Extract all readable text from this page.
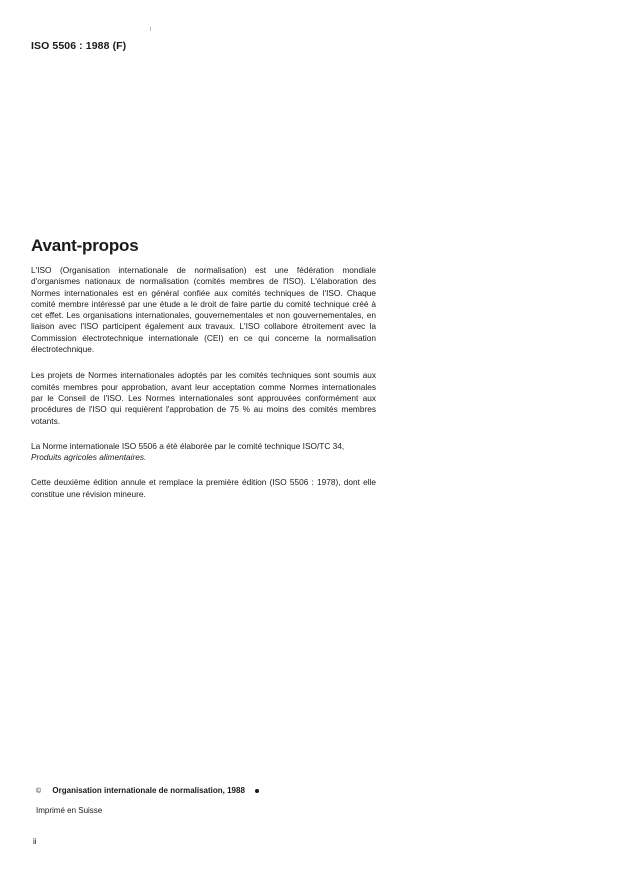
ISO 5506 : 1988 (F)
Avant-propos

L'ISO (Organisation internationale de normalisation) est une fédération mondiale d'organismes nationaux de normalisation (comités membres de l'ISO). L'élaboration des Normes internationales est en général confiée aux comités techniques de l'ISO. Chaque comité membre intéressé par une étude a le droit de faire partie du comité technique créé à cet effet. Les organisations internationales, gouvernementales et non gouvernementales, en liaison avec l'ISO participent également aux travaux. L'ISO collabore étroitement avec la Commission électrotechnique internationale (CEI) en ce qui concerne la normalisation électrotechnique.

Les projets de Normes internationales adoptés par les comités techniques sont soumis aux comités membres pour approbation, avant leur acceptation comme Normes internationales par le Conseil de l'ISO. Les Normes internationales sont approuvées conformément aux procédures de l'ISO qui requièrent l'approbation de 75 % au moins des comités membres votants.

La Norme internationale ISO 5506 a été élaborée par le comité technique ISO/TC 34,
Produits agricoles alimentaires.

Cette deuxième édition annule et remplace la première édition (ISO 5506 : 1978), dont elle constitue une révision mineure.

© Organisation internationale de normalisation, 1988
Imprimé en Suisse
ii
